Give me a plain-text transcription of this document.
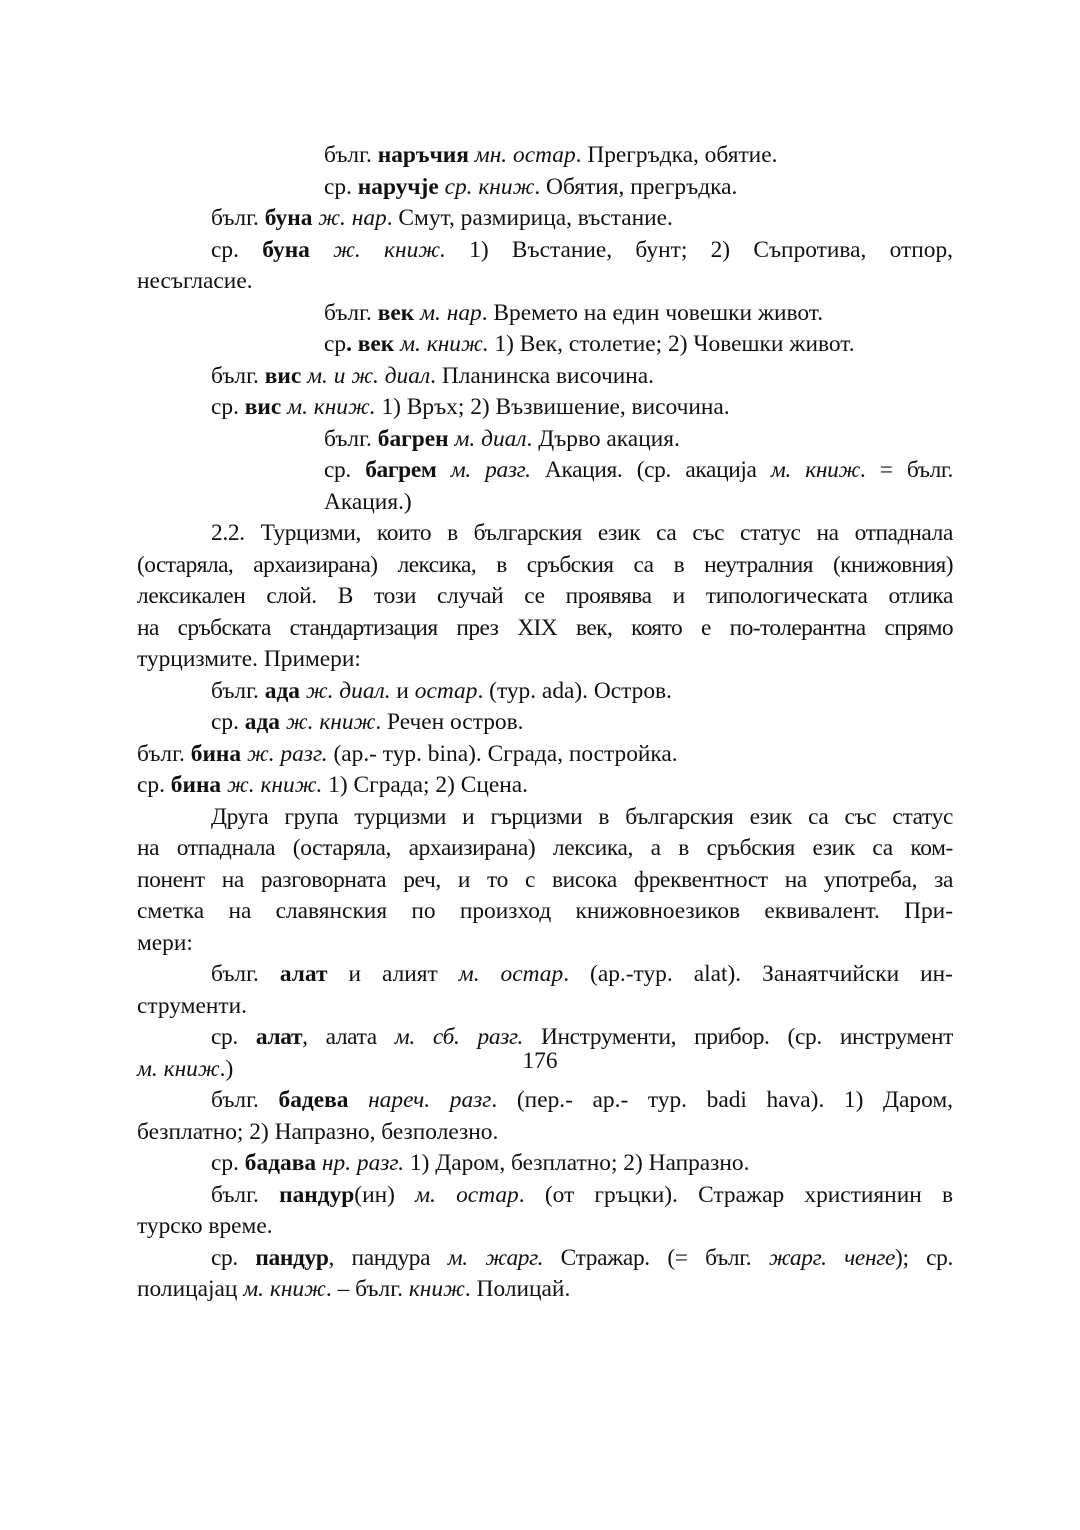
бълг. наръчия мн. остар. Прегръдка, обятие.
ср. наручје ср. книж. Обятия, прегръдка.
бълг. буна ж. нар. Смут, размирица, въстание.
ср. буна ж. книж. 1) Въстание, бунт; 2) Съпротива, отпор,
несъгласие.
бълг. век м. нар. Времето на един човешки живот.
ср. век м. книж. 1) Век, столетие; 2) Човешки живот.
бълг. вис м. и ж. диал. Планинска височина.
ср. вис м. книж. 1) Връх; 2) Възвишение, височина.
бълг. багрен м. диал. Дърво акация.
ср. багрем м. разг. Акация. (ср. акација м. книж. = бълг.
Акация.)
2.2. Турцизми, които в българския език са със статус на отпаднала
(остаряла, архаизирана) лексика, в сръбския са в неутралния (книжовния)
лексикален слой. В този случай се проявява и типологическата отлика
на сръбската стандартизация през XIX век, която е по-толерантна спрямо
турцизмите. Примери:
бълг. ада ж. диал. и остар. (тур. ada). Остров.
ср. ада ж. книж. Речен остров.
бълг. бина ж. разг. (ар.- тур. bina). Сграда, постройка.
ср. бина ж. книж. 1) Сграда; 2) Сцена.
Друга група турцизми и гърцизми в българския език са със статус
на отпаднала (остаряла, архаизирана) лексика, а в сръбския език са ком-
понент на разговорната реч, и то с висока фреквентност на употреба, за
сметка на славянския по произход книжовноезиков еквивалент. При-
мери:
бълг. алат и алият м. остар. (ар.-тур. alat). Занаятчийски ин-
струменти.
ср. алат, алата м. сб. разг. Инструменти, прибор. (ср. инструмент
м. книж.)
бълг. бадева нареч. разг. (пер.- ар.- тур. badi hava). 1) Даром,
безплатно; 2) Напразно, безполезно.
ср. бадава нр. разг. 1) Даром, безплатно; 2) Напразно.
бълг. пандур(ин) м. остар. (от гръцки). Стражар християнин в
турско време.
ср. пандур, пандура м. жарг. Стражар. (= бълг. жарг. ченге); ср.
полицајац м. книж. – бълг. книж. Полицай.
176
